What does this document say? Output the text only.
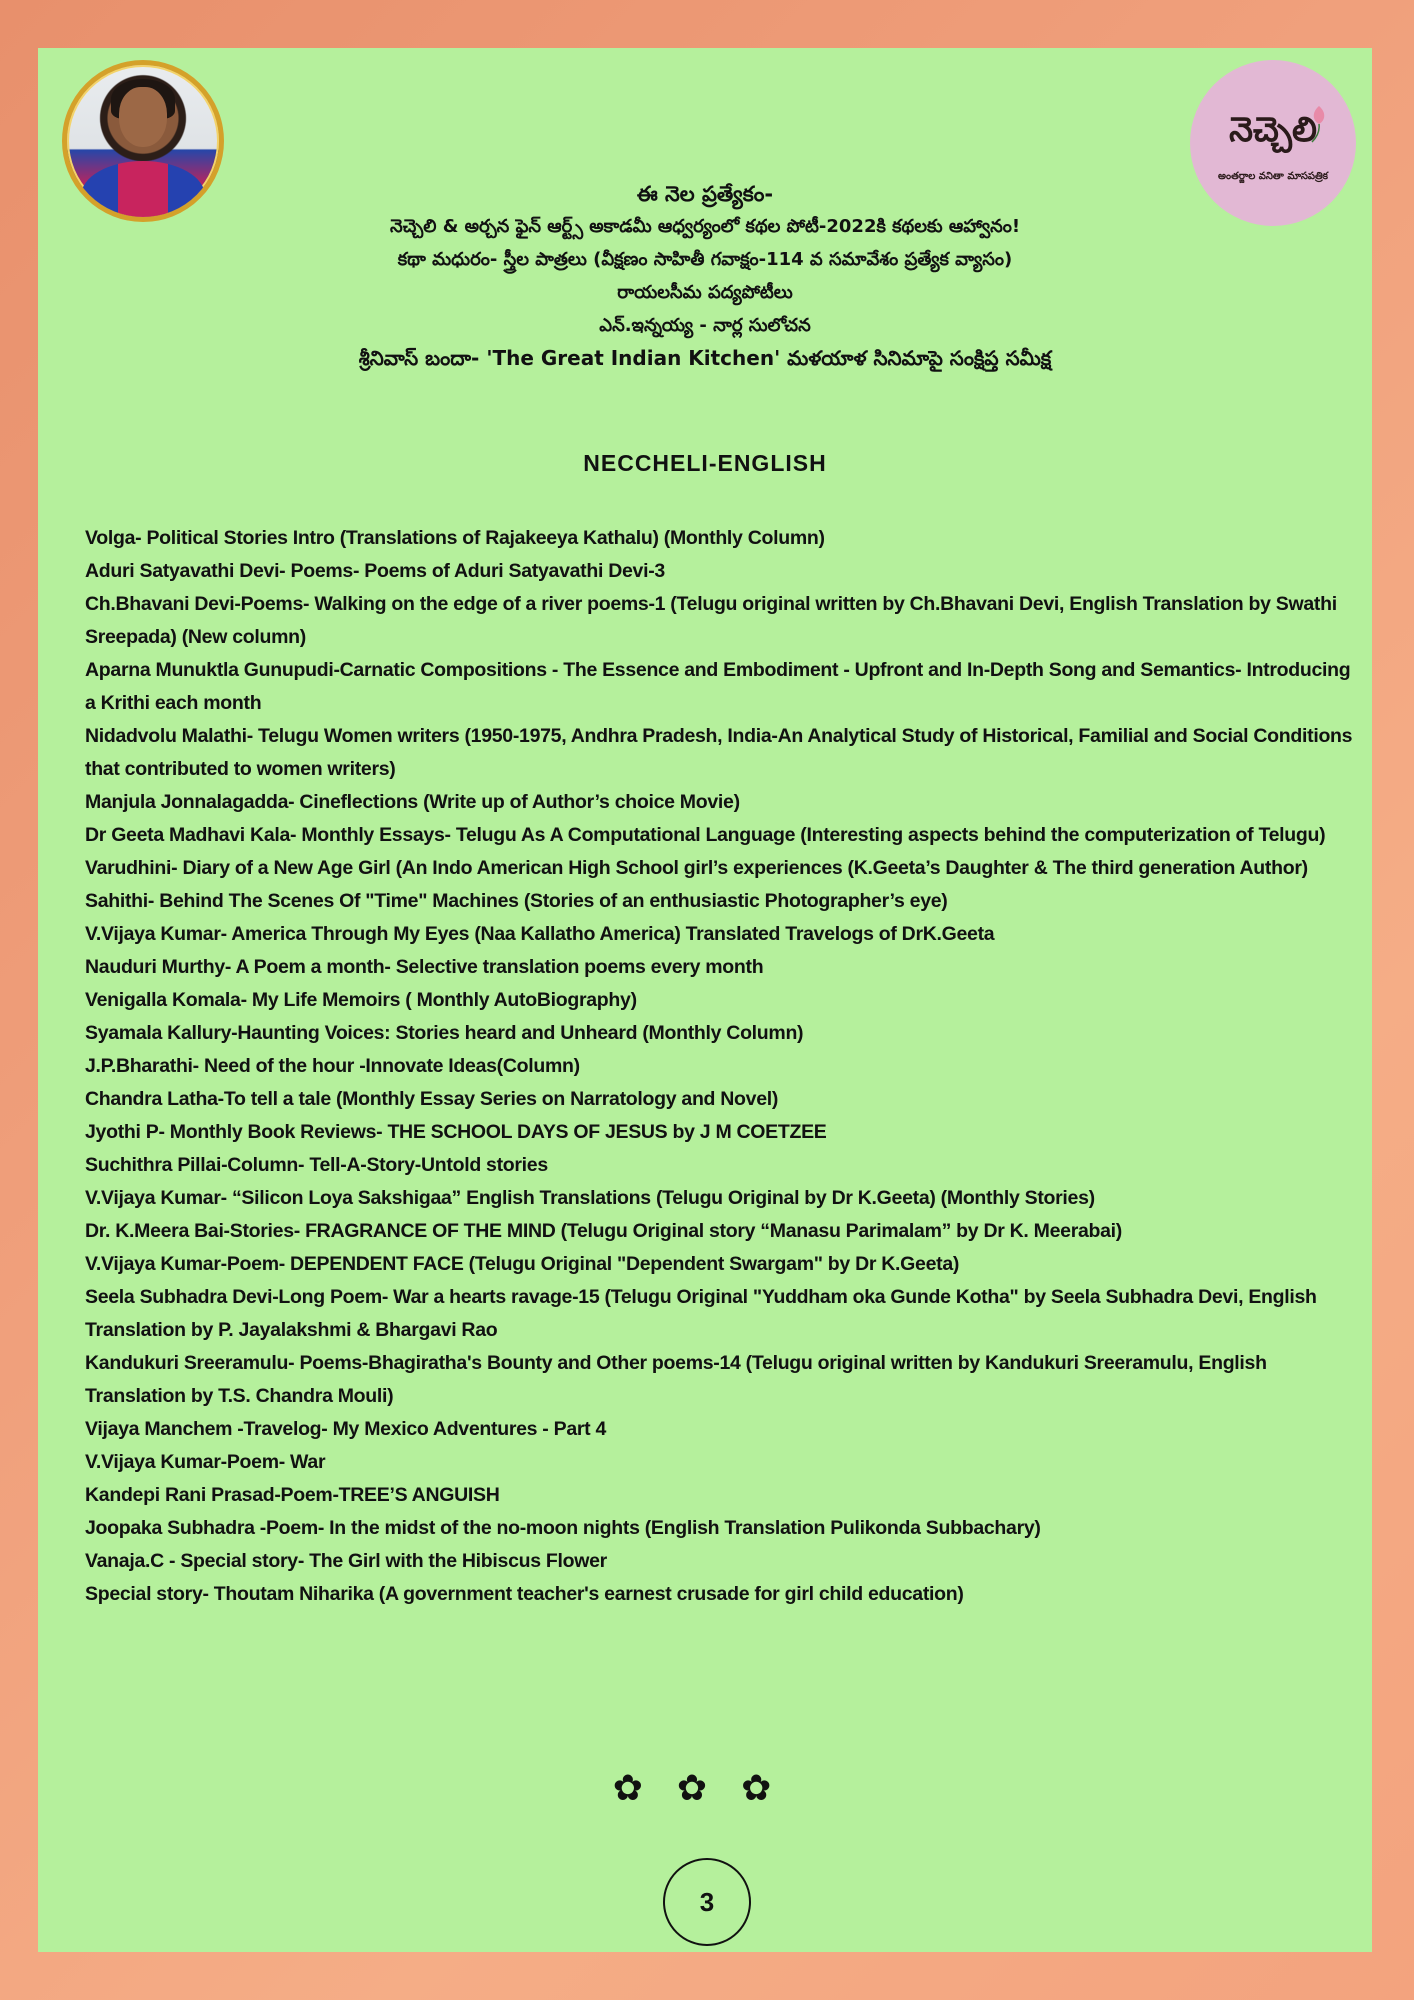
నెచ్చెలి
అంతర్జాల వనితా మాసపత్రిక
ఈ నెల ప్రత్యేకం-
నెచ్చెలి & అర్చన ఫైన్ ఆర్ట్స్ అకాడమీ ఆధ్వర్యంలో కథల పోటీ-2022కి కథలకు ఆహ్వానం!
కథా మధురం- స్త్రీల పాత్రలు (వీక్షణం సాహితీ గవాక్షం-114 వ సమావేశం ప్రత్యేక వ్యాసం)
రాయలసీమ పద్యపోటీలు
ఎన్.ఇన్నయ్య - నార్ల సులోచన
శ్రీనివాస్ బందా- 'The Great Indian Kitchen' మళయాళ సినిమాపై సంక్షిప్త సమీక్ష
NECCHELI-ENGLISH
Volga- Political Stories Intro (Translations of Rajakeeya Kathalu) (Monthly Column)
Aduri Satyavathi Devi- Poems- Poems of Aduri Satyavathi Devi-3
Ch.Bhavani Devi-Poems- Walking on the edge of a river poems-1 (Telugu original written by Ch.Bhavani Devi, English Translation by Swathi Sreepada) (New column)
Aparna Munuktla Gunupudi-Carnatic Compositions - The Essence and Embodiment - Upfront and In-Depth Song and Semantics- Introducing a Krithi each month
Nidadvolu Malathi- Telugu Women writers (1950-1975, Andhra Pradesh, India-An Analytical Study of Historical, Familial and Social Conditions that contributed to women writers)
Manjula Jonnalagadda- Cineflections (Write up of Author’s choice Movie)
Dr Geeta Madhavi Kala- Monthly Essays- Telugu As A Computational Language (Interesting aspects behind the computerization of Telugu)
Varudhini- Diary of a New Age Girl (An Indo American High School girl’s experiences (K.Geeta’s Daughter & The third generation Author)
Sahithi- Behind The Scenes Of "Time" Machines (Stories of an enthusiastic Photographer’s eye)
V.Vijaya Kumar- America Through My Eyes (Naa Kallatho America) Translated Travelogs of DrK.Geeta
Nauduri Murthy- A Poem a month- Selective translation poems every month
Venigalla Komala- My Life Memoirs ( Monthly AutoBiography)
Syamala Kallury-Haunting Voices: Stories heard and Unheard (Monthly Column)
J.P.Bharathi- Need of the hour -Innovate Ideas(Column)
Chandra Latha-To tell a tale (Monthly Essay Series on Narratology and Novel)
Jyothi P- Monthly Book Reviews- THE SCHOOL DAYS OF JESUS by J M COETZEE
Suchithra Pillai-Column- Tell-A-Story-Untold stories
V.Vijaya Kumar- “Silicon Loya Sakshigaa” English Translations (Telugu Original by Dr K.Geeta) (Monthly Stories)
Dr. K.Meera Bai-Stories- FRAGRANCE OF THE MIND (Telugu Original story “Manasu Parimalam” by Dr K. Meerabai)
V.Vijaya Kumar-Poem- DEPENDENT FACE (Telugu Original "Dependent Swargam" by Dr K.Geeta)
Seela Subhadra Devi-Long Poem- War a hearts ravage-15 (Telugu Original "Yuddham oka Gunde Kotha" by Seela Subhadra Devi, English Translation by P. Jayalakshmi & Bhargavi Rao
Kandukuri Sreeramulu- Poems-Bhagiratha's Bounty and Other poems-14 (Telugu original written by Kandukuri Sreeramulu, English Translation by T.S. Chandra Mouli)
Vijaya Manchem -Travelog- My Mexico Adventures - Part 4
V.Vijaya Kumar-Poem- War
Kandepi Rani Prasad-Poem-TREE’S ANGUISH
Joopaka Subhadra -Poem- In the midst of the no-moon nights (English Translation Pulikonda Subbachary)
Vanaja.C - Special story- The Girl with the Hibiscus Flower
Special story- Thoutam Niharika (A government teacher's earnest crusade for girl child education)
✿ ✿ ✿
3
